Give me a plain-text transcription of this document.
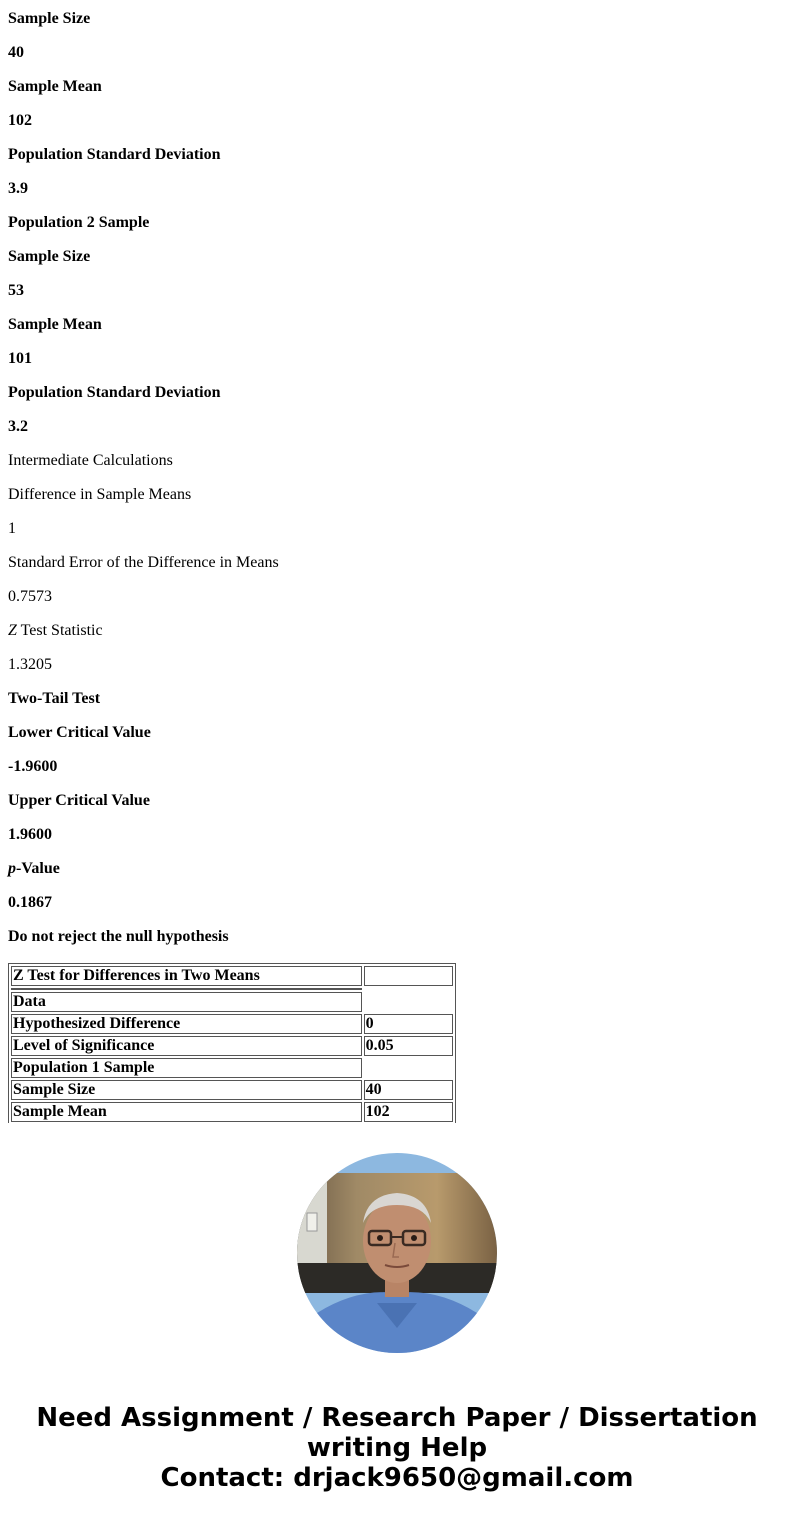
Sample Size
40
Sample Mean
102
Population Standard Deviation
3.9
Population 2 Sample
Sample Size
53
Sample Mean
101
Population Standard Deviation
3.2
Intermediate Calculations
Difference in Sample Means
1
Standard Error of the Difference in Means
0.7573
Z Test Statistic
1.3205
Two-Tail Test
Lower Critical Value
-1.9600
Upper Critical Value
1.9600
p-Value
0.1867
Do not reject the null hypothesis
Z Test for Differences in Two Means	

Data	
Hypothesized Difference	0
Level of Significance	0.05
Population 1 Sample	
Sample Size	40
Sample Mean	102
Need Assignment / Research Paper / Dissertation
writing Help
Contact: drjack9650@gmail.com
